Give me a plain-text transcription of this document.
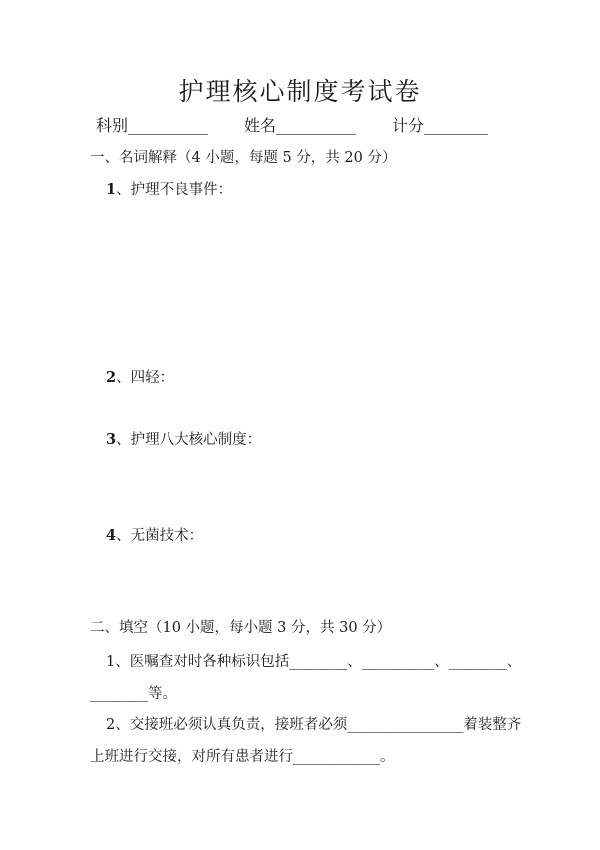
护理核心制度考试卷
科别__________ 姓名__________ 计分________
一、名词解释（4 小题，每题 5 分，共 20 分）
1、护理不良事件：
2、四轻：
3、护理八大核心制度：
4、无菌技术：
二、填空（10 小题，每小题 3 分，共 30 分）
1、医嘱查对时各种标识包括________、__________、________、
________等。
2、交接班必须认真负责，接班者必须________________着装整齐
上班进行交接，对所有患者进行____________。
